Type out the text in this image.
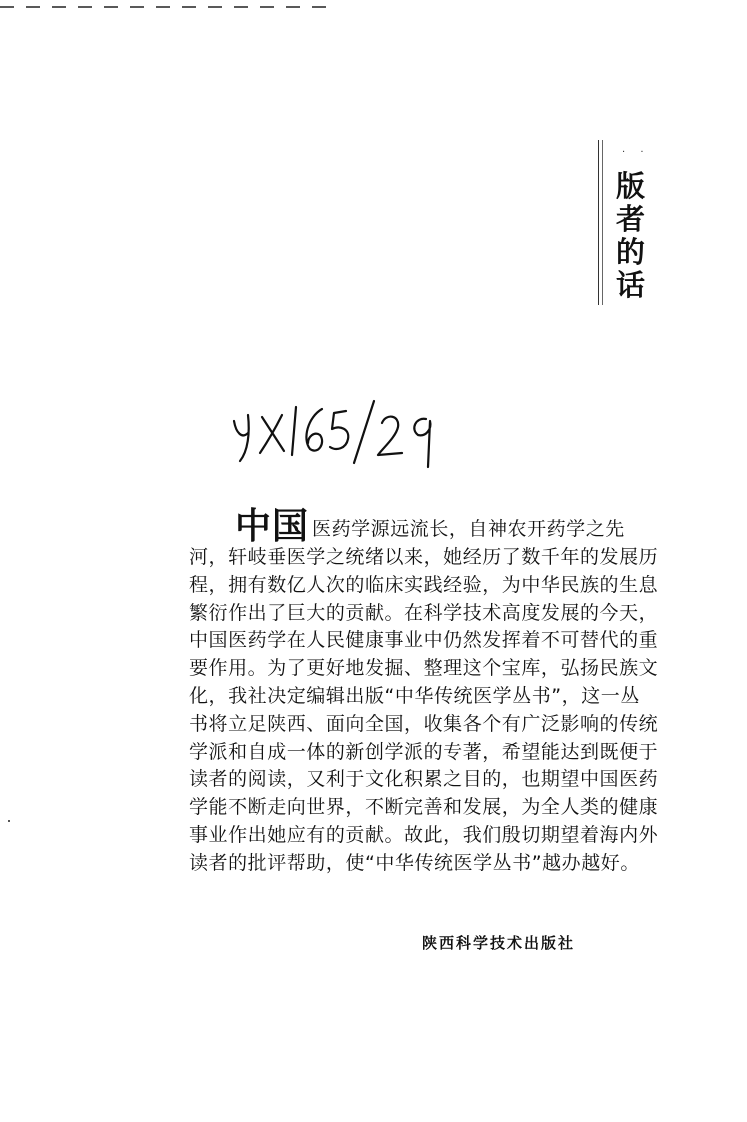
· ·
版者的话
中国 医药学源远流长，自神农开药学之先河，轩岐垂医学之统绪以来，她经历了数千年的发展历程，拥有数亿人次的临床实践经验，为中华民族的生息繁衍作出了巨大的贡献。在科学技术高度发展的今天，中国医药学在人民健康事业中仍然发挥着不可替代的重要作用。为了更好地发掘、整理这个宝库，弘扬民族文化，我社决定编辑出版“中华传统医学丛书”，这一丛书将立足陕西、面向全国，收集各个有广泛影响的传统学派和自成一体的新创学派的专著，希望能达到既便于读者的阅读，又利于文化积累之目的，也期望中国医药学能不断走向世界，不断完善和发展，为全人类的健康事业作出她应有的贡献。故此，我们殷切期望着海内外读者的批评帮助，使“中华传统医学丛书”越办越好。
陕西科学技术出版社
